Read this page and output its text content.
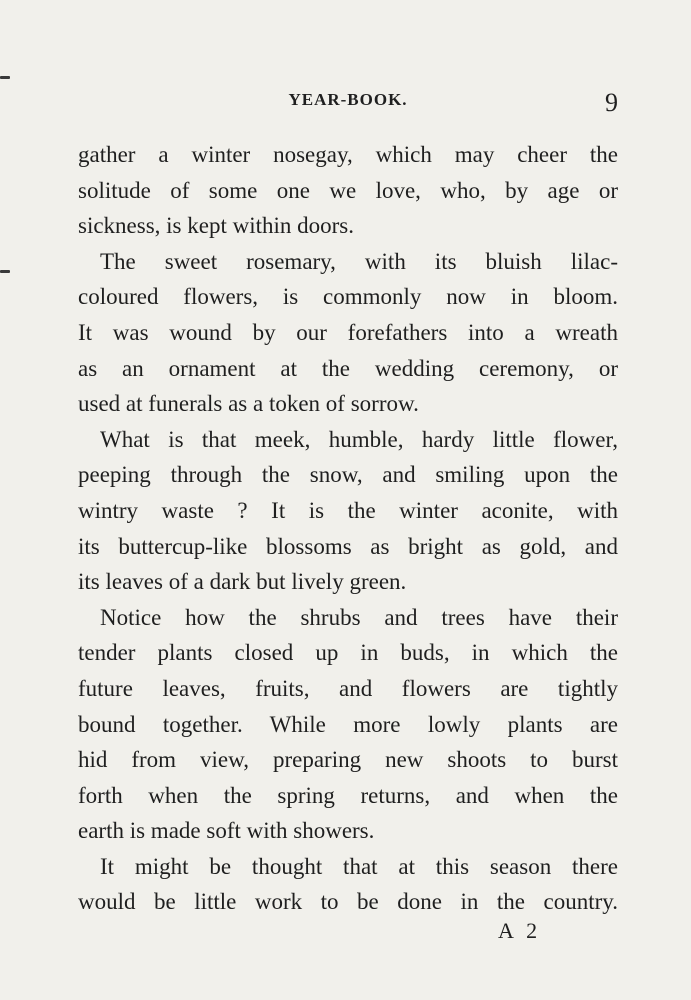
YEAR-BOOK.	9
gather a winter nosegay, which may cheer the
solitude of some one we love, who, by age or
sickness, is kept within doors.
The sweet rosemary, with its bluish lilac-
coloured flowers, is commonly now in bloom.
It was wound by our forefathers into a wreath
as an ornament at the wedding ceremony, or
used at funerals as a token of sorrow.
What is that meek, humble, hardy little flower,
peeping through the snow, and smiling upon the
wintry waste ? It is the winter aconite, with
its buttercup-like blossoms as bright as gold, and
its leaves of a dark but lively green.
Notice how the shrubs and trees have their
tender plants closed up in buds, in which the
future leaves, fruits, and flowers are tightly
bound together. While more lowly plants are
hid from view, preparing new shoots to burst
forth when the spring returns, and when the
earth is made soft with showers.
It might be thought that at this season there
would be little work to be done in the country.
A 2
